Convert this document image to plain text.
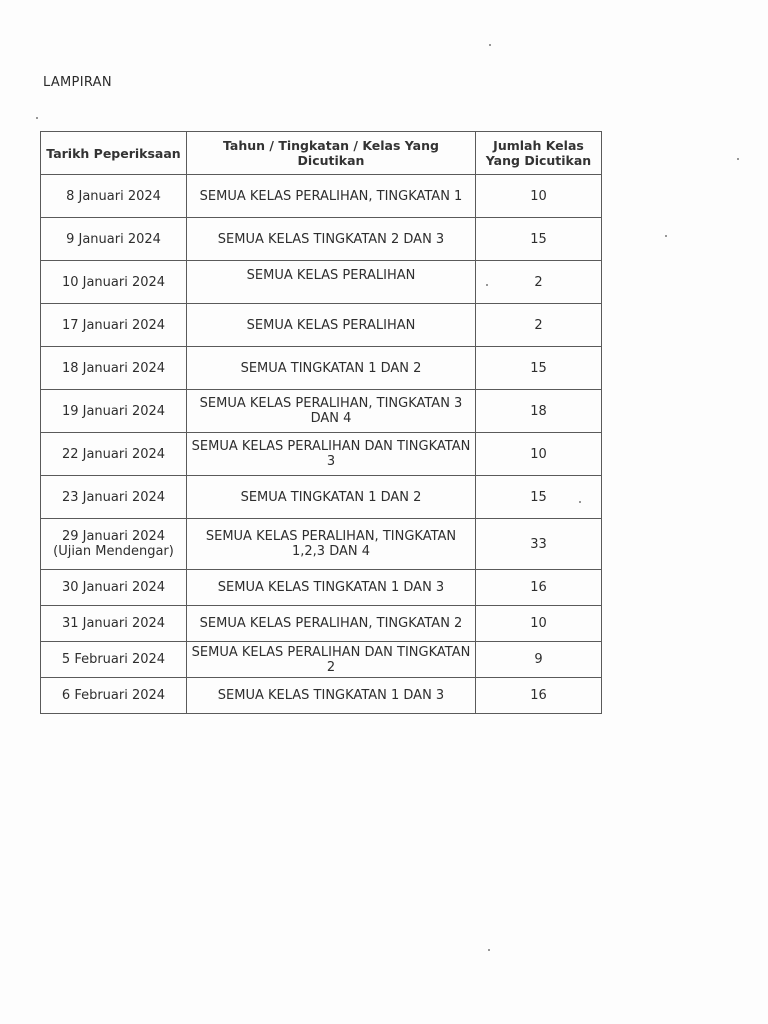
LAMPIRAN
Tarikh Peperiksaan	Tahun / Tingkatan / Kelas Yang Dicutikan	Jumlah Kelas Yang Dicutikan
8 Januari 2024	SEMUA KELAS PERALIHAN, TINGKATAN 1	10
9 Januari 2024	SEMUA KELAS TINGKATAN 2 DAN 3	15
10 Januari 2024	SEMUA KELAS PERALIHAN	2
17 Januari 2024	SEMUA KELAS PERALIHAN	2
18 Januari 2024	SEMUA TINGKATAN 1 DAN 2	15
19 Januari 2024	SEMUA KELAS PERALIHAN, TINGKATAN 3 DAN 4	18
22 Januari 2024	SEMUA KELAS PERALIHAN DAN TINGKATAN 3	10
23 Januari 2024	SEMUA TINGKATAN 1 DAN 2	15
29 Januari 2024 (Ujian Mendengar)	SEMUA KELAS PERALIHAN, TINGKATAN 1,2,3 DAN 4	33
30 Januari 2024	SEMUA KELAS TINGKATAN 1 DAN 3	16
31 Januari 2024	SEMUA KELAS PERALIHAN, TINGKATAN 2	10
5 Februari 2024	SEMUA KELAS PERALIHAN DAN TINGKATAN 2	9
6 Februari 2024	SEMUA KELAS TINGKATAN 1 DAN 3	16
